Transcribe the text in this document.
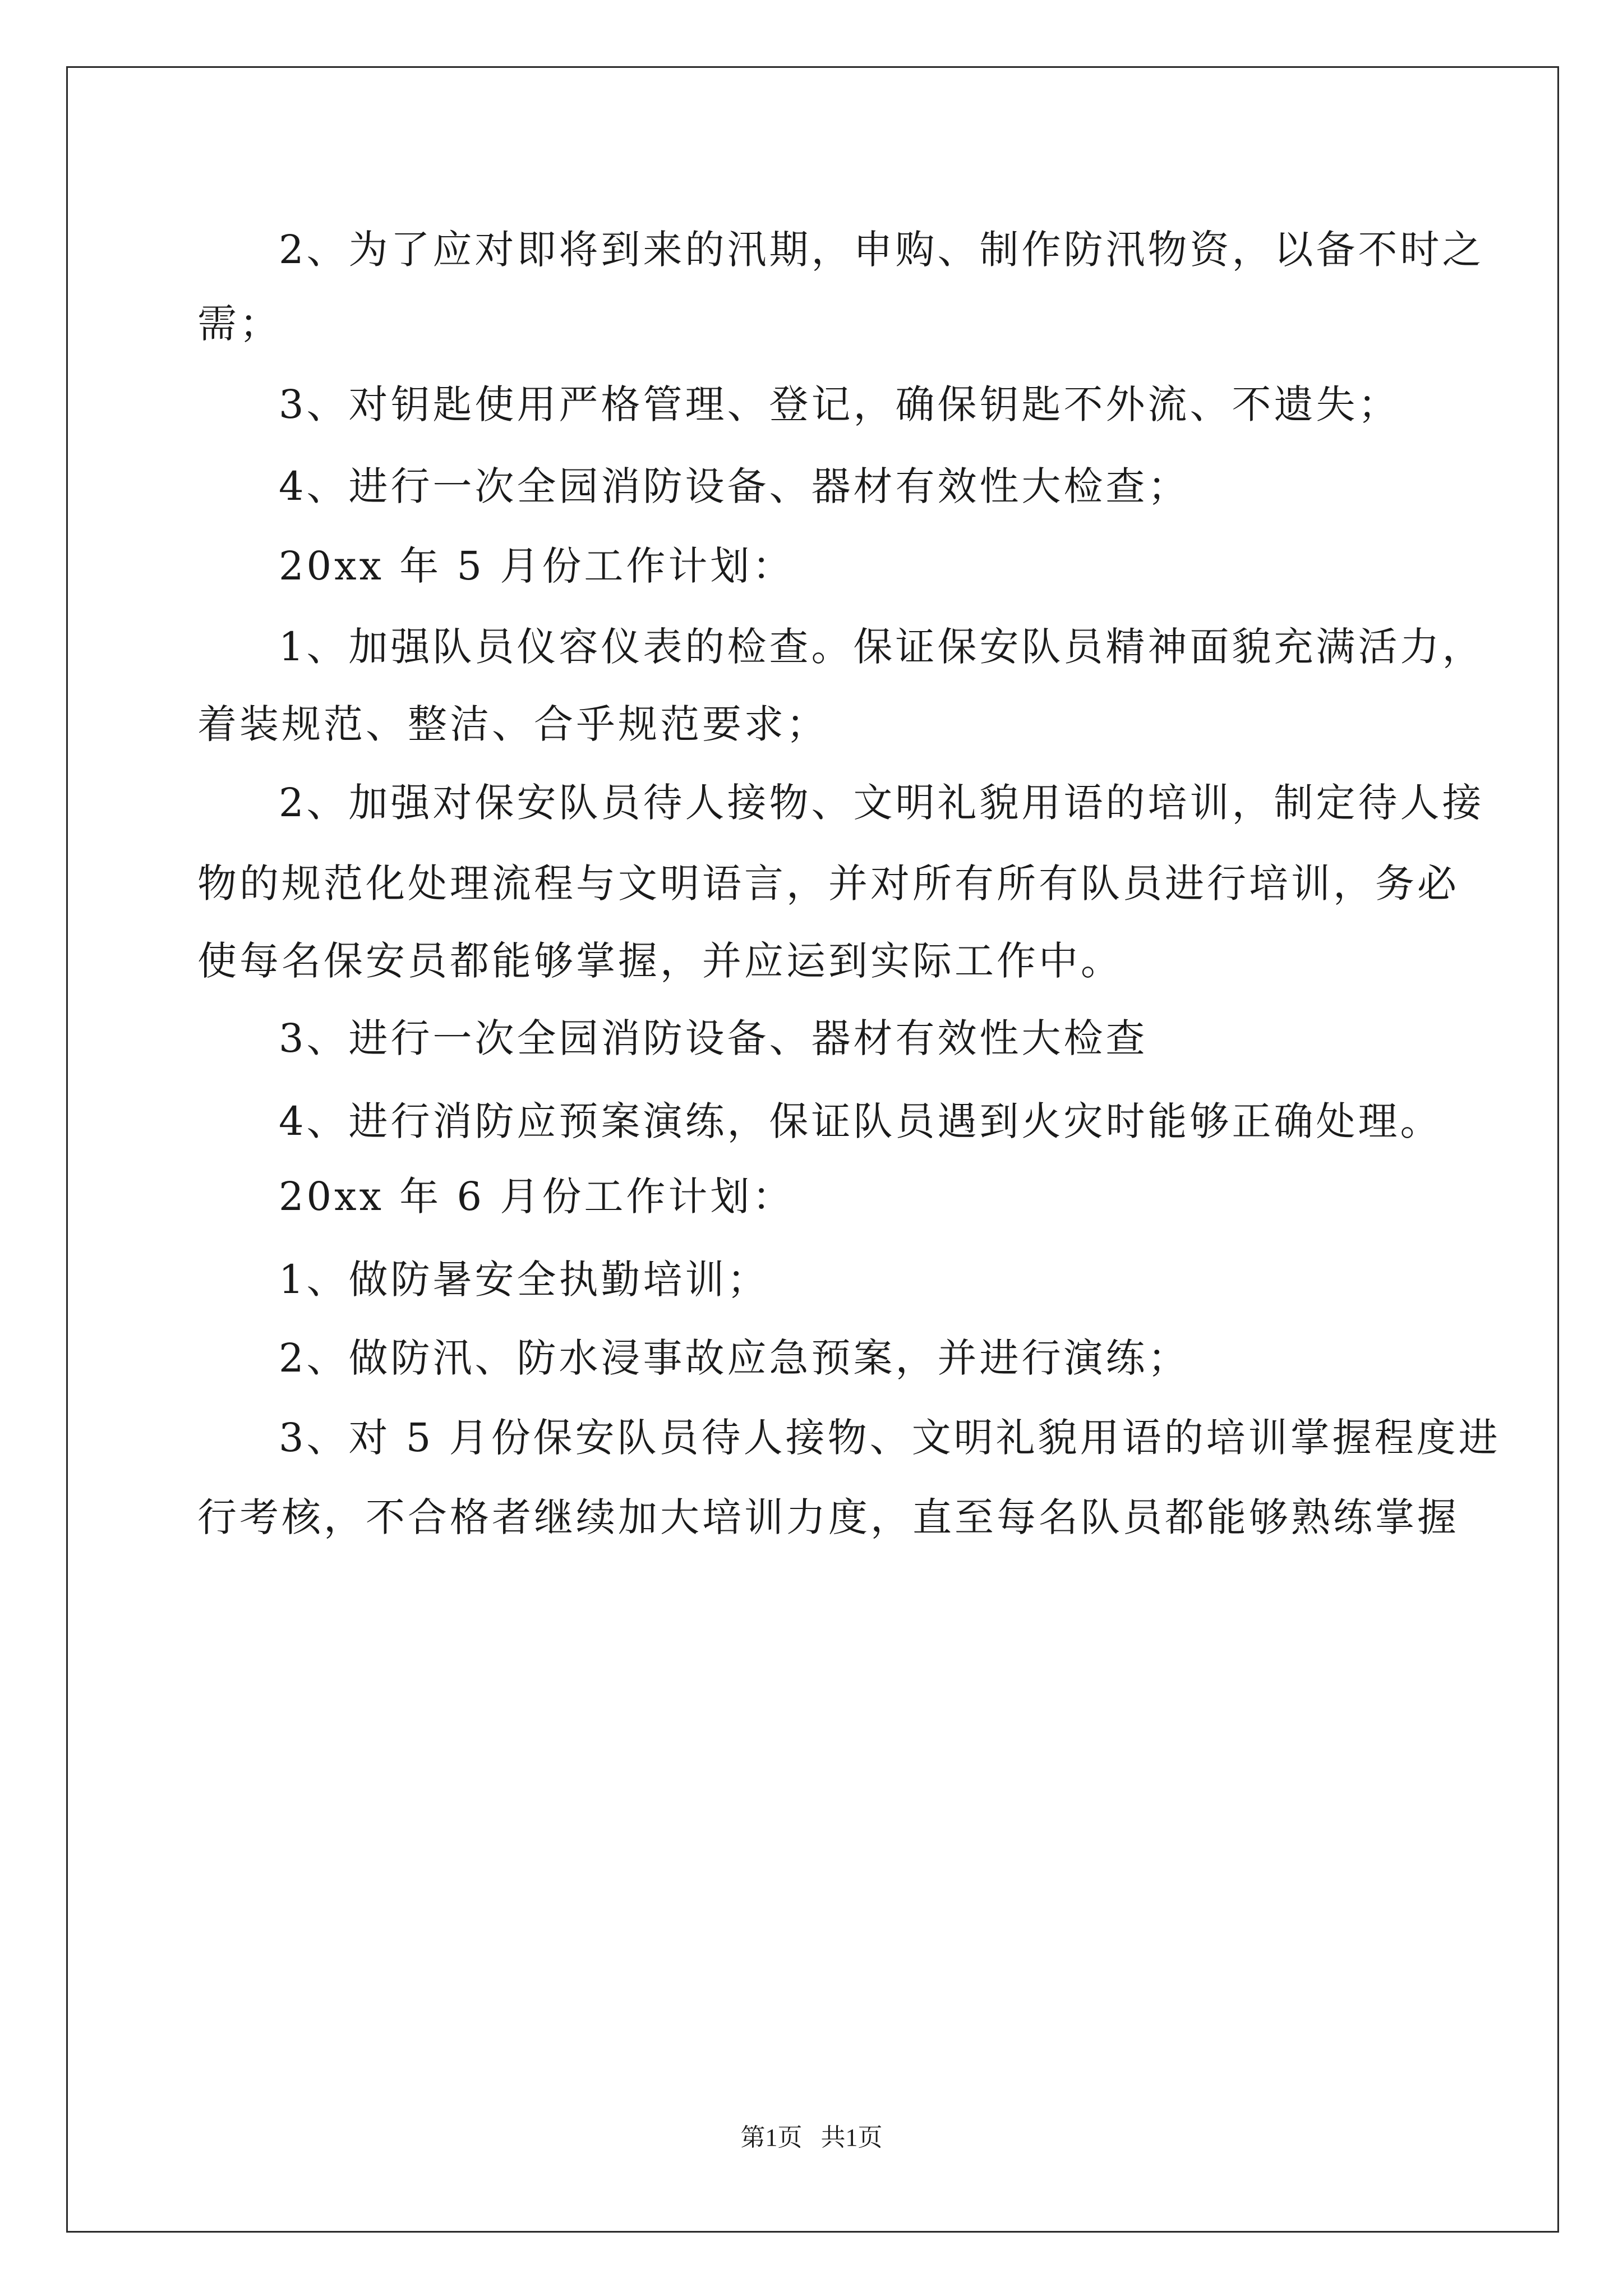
2、为了应对即将到来的汛期，申购、制作防汛物资，以备不时之
需；
3、对钥匙使用严格管理、登记，确保钥匙不外流、不遗失；
4、进行一次全园消防设备、器材有效性大检查；
20xx 年 5 月份工作计划：
1、加强队员仪容仪表的检查。保证保安队员精神面貌充满活力，
着装规范、整洁、合乎规范要求；
2、加强对保安队员待人接物、文明礼貌用语的培训，制定待人接
物的规范化处理流程与文明语言，并对所有所有队员进行培训，务必
使每名保安员都能够掌握，并应运到实际工作中。
3、进行一次全园消防设备、器材有效性大检查
4、进行消防应预案演练，保证队员遇到火灾时能够正确处理。
20xx 年 6 月份工作计划：
1、做防暑安全执勤培训；
2、做防汛、防水浸事故应急预案，并进行演练；
3、对 5 月份保安队员待人接物、文明礼貌用语的培训掌握程度进
行考核，不合格者继续加大培训力度，直至每名队员都能够熟练掌握
第1页   共1页
